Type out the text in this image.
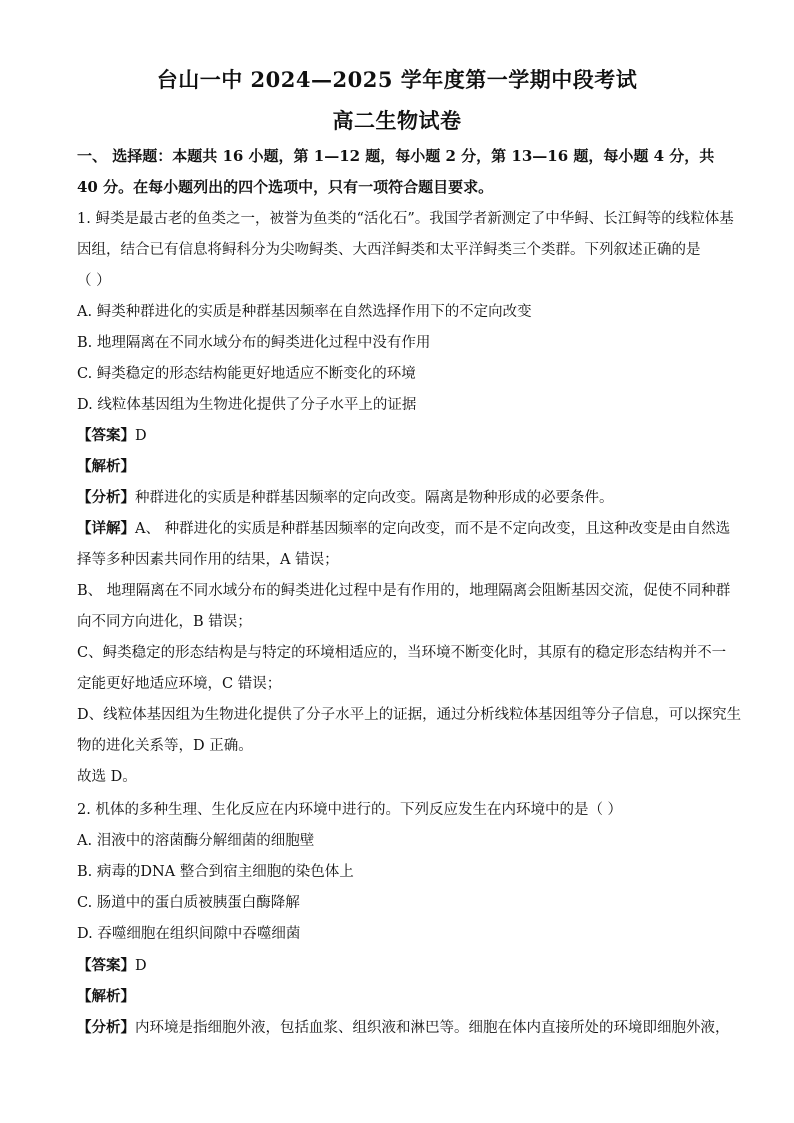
台山一中 2024—2025 学年度第一学期中段考试
高二生物试卷
一、 选择题：本题共 16 小题，第 1—12 题，每小题 2 分，第 13—16 题，每小题 4 分，共
40 分。在每小题列出的四个选项中，只有一项符合题目要求。
1. 鲟类是最古老的鱼类之一，被誉为鱼类的“活化石”。我国学者新测定了中华鲟、长江鲟等的线粒体基
因组，结合已有信息将鲟科分为尖吻鲟类、大西洋鲟类和太平洋鲟类三个类群。下列叙述正确的是
（ ）
A. 鲟类种群进化的实质是种群基因频率在自然选择作用下的不定向改变
B. 地理隔离在不同水域分布的鲟类进化过程中没有作用
C. 鲟类稳定的形态结构能更好地适应不断变化的环境
D. 线粒体基因组为生物进化提供了分子水平上的证据
【答案】D
【解析】
【分析】种群进化的实质是种群基因频率的定向改变。隔离是物种形成的必要条件。
【详解】A、 种群进化的实质是种群基因频率的定向改变，而不是不定向改变，且这种改变是由自然选
择等多种因素共同作用的结果，A 错误；
B、 地理隔离在不同水域分布的鲟类进化过程中是有作用的，地理隔离会阻断基因交流，促使不同种群
向不同方向进化，B 错误；
C、鲟类稳定的形态结构是与特定的环境相适应的，当环境不断变化时，其原有的稳定形态结构并不一
定能更好地适应环境，C 错误；
D、线粒体基因组为生物进化提供了分子水平上的证据，通过分析线粒体基因组等分子信息，可以探究生
物的进化关系等，D 正确。
故选 D。
2. 机体的多种生理、生化反应在内环境中进行的。下列反应发生在内环境中的是（ ）
A. 泪液中的溶菌酶分解细菌的细胞壁
B. 病毒的DNA 整合到宿主细胞的染色体上
C. 肠道中的蛋白质被胰蛋白酶降解
D. 吞噬细胞在组织间隙中吞噬细菌
【答案】D
【解析】
【分析】内环境是指细胞外液，包括血浆、组织液和淋巴等。细胞在体内直接所处的环境即细胞外液，
